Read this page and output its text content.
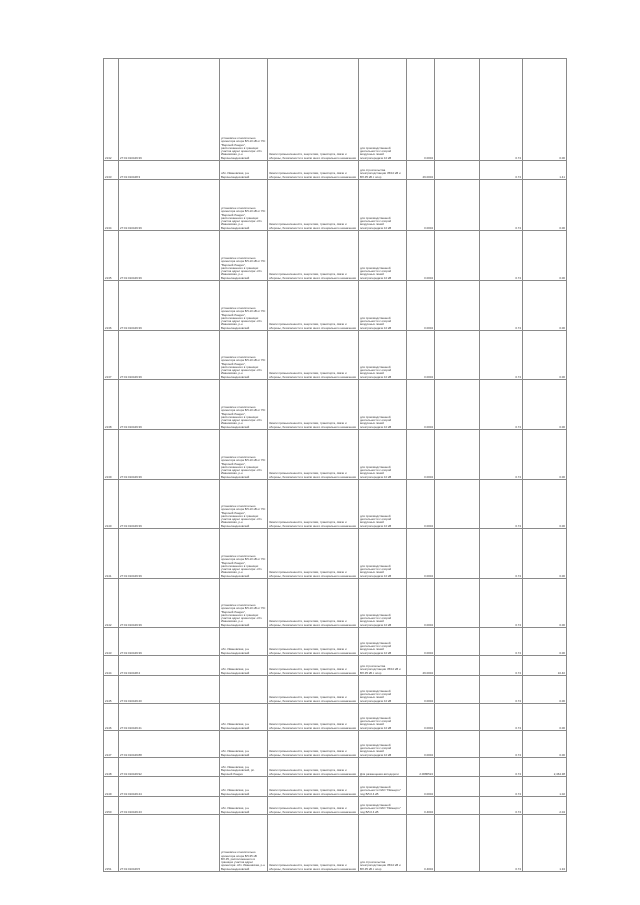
2132	27:01:010449:39	установлен относительно ориентира опора ВЛ-10 кВ от ПС "Верхний Ландех", расположенного в границах участка адрес ориентира: обл. Ивановская, р-н Верхнеландеховский	Земли промышленности, энергетики, транспорта, связи и обороны, безопасности и земли иного специального назначения	для производственной деятельности с опорой воздушных линий электропередачи 10 кВ	0.0004		0.74	0.00
2133	27:01:010448:3	обл. Ивановская, р-н Верхнеландеховский	Земли промышленности, энергетики, транспорта, связи и обороны, безопасности и земли иного специального назначения	для строительства электроподстанции 35/10 кВ и ВЛ-35 кВ с опор	49.0004		0.74	1.41
2134	27:01:010449:39	установлен относительно ориентира опора ВЛ-10 кВ от ПС "Верхний Ландех", расположенного в границах участка адрес ориентира: обл. Ивановская, р-н Верхнеландеховский	Земли промышленности, энергетики, транспорта, связи и обороны, безопасности и земли иного специального назначения	для производственной деятельности с опорой воздушных линий электропередачи 10 кВ	0.0004		0.74	0.00
2135	27:01:010449:39	установлен относительно ориентира опора ВЛ-10 кВ от ПС "Верхний Ландех", расположенного в границах участка адрес ориентира: обл. Ивановская, р-н Верхнеландеховский	Земли промышленности, энергетики, транспорта, связи и обороны, безопасности и земли иного специального назначения	для производственной деятельности с опорой воздушных линий электропередачи 10 кВ	0.0004		0.74	0.00
2136	27:01:010449:39	установлен относительно ориентира опора ВЛ-10 кВ от ПС "Верхний Ландех", расположенного в границах участка адрес ориентира: обл. Ивановская, р-н Верхнеландеховский	Земли промышленности, энергетики, транспорта, связи и обороны, безопасности и земли иного специального назначения	для производственной деятельности с опорой воздушных линий электропередачи 10 кВ	0.0004		0.74	0.00
2137	27:01:010449:39	установлен относительно ориентира опора ВЛ-10 кВ от ПС "Верхний Ландех", расположенного в границах участка адрес ориентира: обл. Ивановская, р-н Верхнеландеховский	Земли промышленности, энергетики, транспорта, связи и обороны, безопасности и земли иного специального назначения	для производственной деятельности с опорой воздушных линий электропередачи 10 кВ	0.0004		0.74	0.00
2138	27:01:010449:39	установлен относительно ориентира опора ВЛ-10 кВ от ПС "Верхний Ландех", расположенного в границах участка адрес ориентира: обл. Ивановская, р-н Верхнеландеховский	Земли промышленности, энергетики, транспорта, связи и обороны, безопасности и земли иного специального назначения	для производственной деятельности с опорой воздушных линий электропередачи 10 кВ	0.0004		0.74	0.00
2139	27:01:010449:39	установлен относительно ориентира опора ВЛ-10 кВ от ПС "Верхний Ландех", расположенного в границах участка адрес ориентира: обл. Ивановская, р-н Верхнеландеховский	Земли промышленности, энергетики, транспорта, связи и обороны, безопасности и земли иного специального назначения	для производственной деятельности с опорой воздушных линий электропередачи 10 кВ	0.0004		0.74	0.00
2140	27:01:010449:39	установлен относительно ориентира опора ВЛ-10 кВ от ПС "Верхний Ландех", расположенного в границах участка адрес ориентира: обл. Ивановская, р-н Верхнеландеховский	Земли промышленности, энергетики, транспорта, связи и обороны, безопасности и земли иного специального назначения	для производственной деятельности с опорой воздушных линий электропередачи 10 кВ	0.0004		0.74	0.00
2141	27:01:010449:39	установлен относительно ориентира опора ВЛ-10 кВ от ПС "Верхний Ландех", расположенного в границах участка адрес ориентира: обл. Ивановская, р-н Верхнеландеховский	Земли промышленности, энергетики, транспорта, связи и обороны, безопасности и земли иного специального назначения	для производственной деятельности с опорой воздушных линий электропередачи 10 кВ	0.0004		0.74	0.00
2142	27:01:010449:39	установлен относительно ориентира опора ВЛ-10 кВ от ПС "Верхний Ландех", расположенного в границах участка адрес ориентира: обл. Ивановская, р-н Верхнеландеховский	Земли промышленности, энергетики, транспорта, связи и обороны, безопасности и земли иного специального назначения	для производственной деятельности с опорой воздушных линий электропередачи 10 кВ	0.0004		0.74	0.00
2143	27:01:010449:39	обл. Ивановская, р-н Верхнеландеховский	Земли промышленности, энергетики, транспорта, связи и обороны, безопасности и земли иного специального назначения	для производственной деятельности с опорой воздушных линий электропередачи 10 кВ	0.0004		0.74	0.00
2144	27:01:010448:4	обл. Ивановская, р-н Верхнеландеховский	Земли промышленности, энергетики, транспорта, связи и обороны, безопасности и земли иного специального назначения	для строительства электроподстанции 35/10 кВ и ВЛ-35 кВ с опор	49.0004		0.74	10.40
2145	27:01:010449:40		Земли промышленности, энергетики, транспорта, связи и обороны, безопасности и земли иного специального назначения	для производственной деятельности с опорой воздушных линий электропередачи 10 кВ	0.0004		0.74	0.00
2146	27:01:010449:41	обл. Ивановская, р-н Верхнеландеховский	Земли промышленности, энергетики, транспорта, связи и обороны, безопасности и земли иного специального назначения	для производственной деятельности с опорой воздушных линий электропередачи 10 кВ	0.0004		0.74	0.00
2147	27:01:010449:88	обл. Ивановская, р-н Верхнеландеховский	Земли промышленности, энергетики, транспорта, связи и обороны, безопасности и земли иного специального назначения	для производственной деятельности с опорой воздушных линий электропередачи 10 кВ	0.0004		0.74	0.00
2148	27:01:010449:92	обл. Ивановская, р-н Верхнеландеховский, рп. Верхний Ландех	Земли промышленности, энергетики, транспорта, связи и обороны, безопасности и земли иного специального назначения	Для размещения автодороги	2.0080524		0.74	2,464.38
2149	27:01:010449:44	обл. Ивановская, р-н Верхнеландеховский	Земли промышленности, энергетики, транспорта, связи и обороны, безопасности и земли иного специального назначения	для производственной деятельности ОАО "Ивэнерго" под ВЛ-0.4 кВ	0.0004		0.74	1.02
2150	27:01:010449:43	обл. Ивановская, р-н Верхнеландеховский	Земли промышленности, энергетики, транспорта, связи и обороны, безопасности и земли иного специального назначения	для производственной деятельности ОАО "Ивэнерго" под ВЛ-0.4 кВ	0.4004		0.74	2.04
2151	27:01:010449:5	установлен относительно ориентира опора ВЛ-35 кВ ВЛ-35, расположенного в границах участка адрес ориентира: обл. Ивановская, р-н Верхнеландеховский	Земли промышленности, энергетики, транспорта, связи и обороны, безопасности и земли иного специального назначения	для строительства электроподстанции 35/10 кВ и ВЛ-35 кВ с опор	0.4004		0.74	1.34
